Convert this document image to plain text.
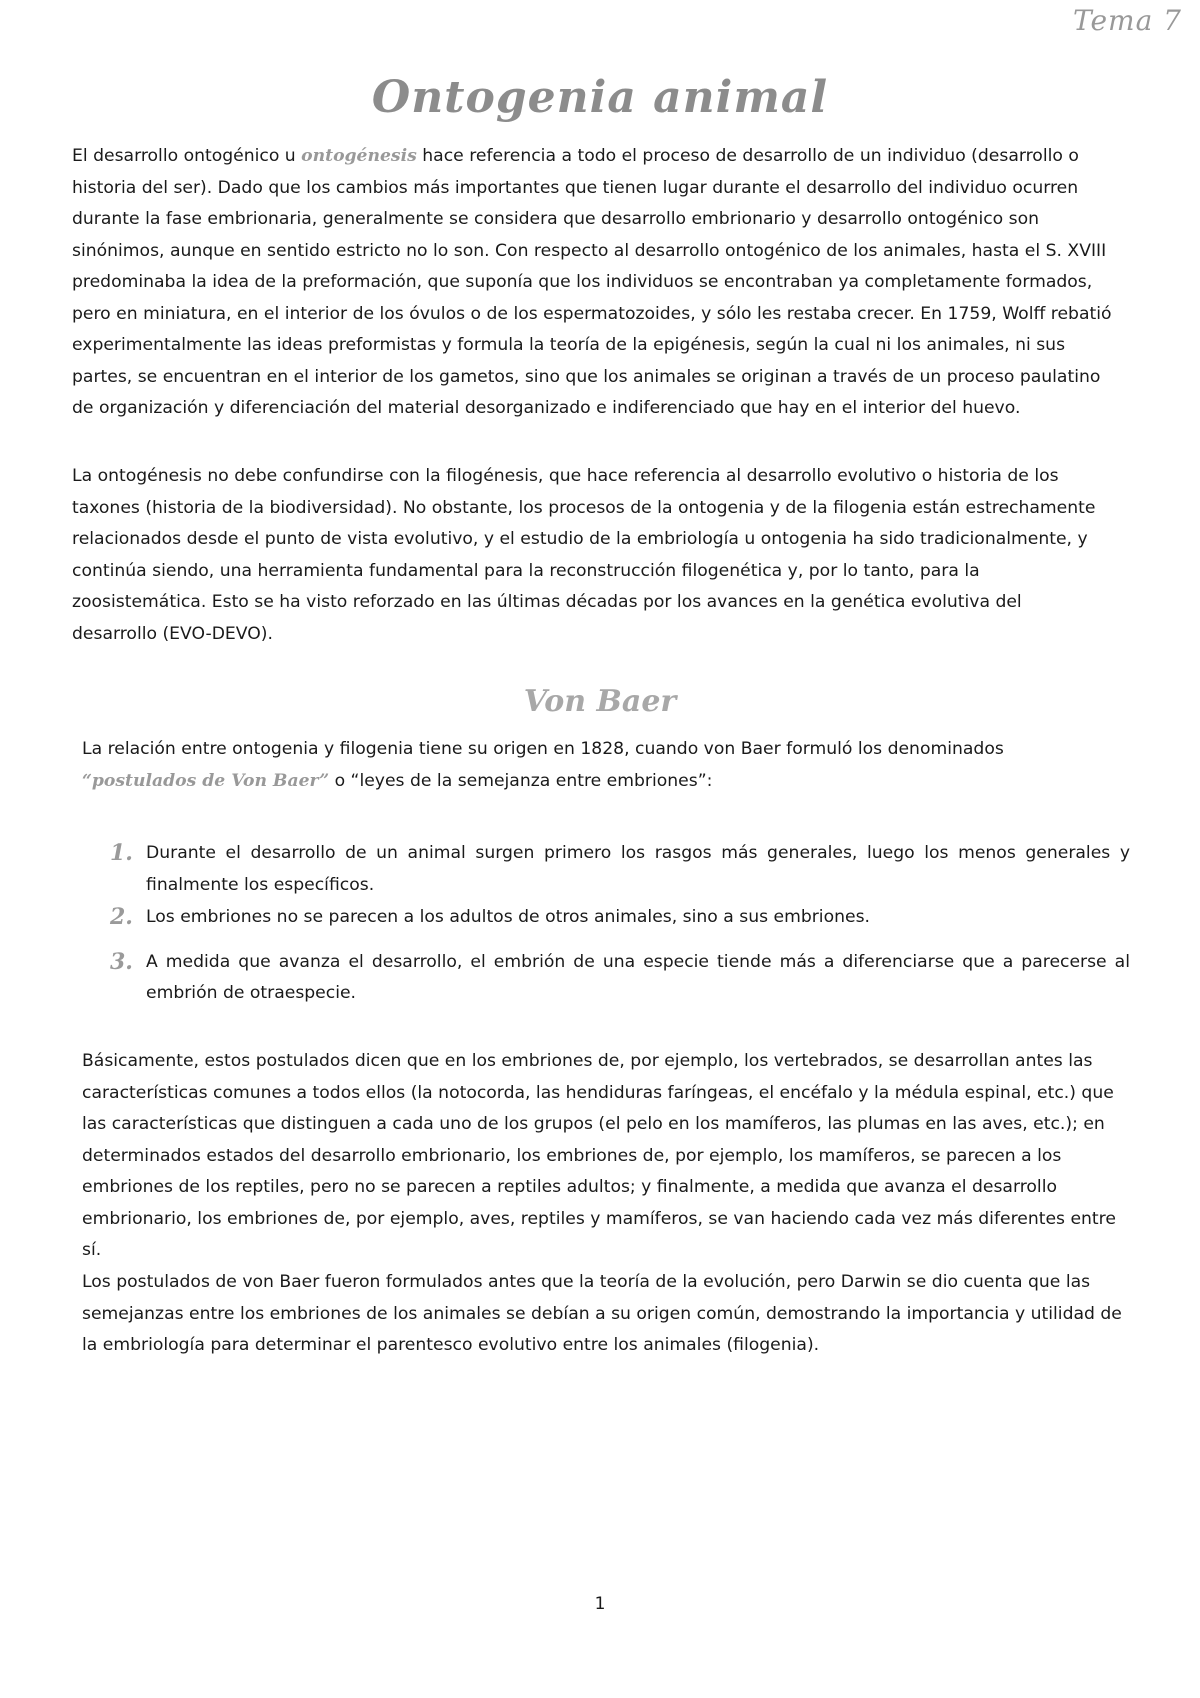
Tema 7
Ontogenia animal
El desarrollo ontogénico u ontogénesis hace referencia a todo el proceso de desarrollo de un individuo (desarrollo o historia del ser). Dado que los cambios más importantes que tienen lugar durante el desarrollo del individuo ocurren durante la fase embrionaria, generalmente se considera que desarrollo embrionario y desarrollo ontogénico son sinónimos, aunque en sentido estricto no lo son. Con respecto al desarrollo ontogénico de los animales, hasta el S. XVIII predominaba la idea de la preformación, que suponía que los individuos se encontraban ya completamente formados, pero en miniatura, en el interior de los óvulos o de los espermatozoides, y sólo les restaba crecer. En 1759, Wolff rebatió experimentalmente las ideas preformistas y formula la teoría de la epigénesis, según la cual ni los animales, ni sus partes, se encuentran en el interior de los gametos, sino que los animales se originan a través de un proceso paulatino de organización y diferenciación del material desorganizado e indiferenciado que hay en el interior del huevo.
La ontogénesis no debe confundirse con la filogénesis, que hace referencia al desarrollo evolutivo o historia de los taxones (historia de la biodiversidad). No obstante, los procesos de la ontogenia y de la filogenia están estrechamente relacionados desde el punto de vista evolutivo, y el estudio de la embriología u ontogenia ha sido tradicionalmente, y continúa siendo, una herramienta fundamental para la reconstrucción filogenética y, por lo tanto, para la zoosistemática. Esto se ha visto reforzado en las últimas décadas por los avances en la genética evolutiva del desarrollo (EVO-DEVO).
Von Baer
La relación entre ontogenia y filogenia tiene su origen en 1828, cuando von Baer formuló los denominados “postulados de Von Baer” o “leyes de la semejanza entre embriones”:
1. Durante el desarrollo de un animal surgen primero los rasgos más generales, luego los menos generales y finalmente los específicos.
2. Los embriones no se parecen a los adultos de otros animales, sino a sus embriones.
3. A medida que avanza el desarrollo, el embrión de una especie tiende más a diferenciarse que a parecerse al embrión de otraespecie.
Básicamente, estos postulados dicen que en los embriones de, por ejemplo, los vertebrados, se desarrollan antes las características comunes a todos ellos (la notocorda, las hendiduras faríngeas, el encéfalo y la médula espinal, etc.) que las características que distinguen a cada uno de los grupos (el pelo en los mamíferos, las plumas en las aves, etc.); en determinados estados del desarrollo embrionario, los embriones de, por ejemplo, los mamíferos, se parecen a los embriones de los reptiles, pero no se parecen a reptiles adultos; y finalmente, a medida que avanza el desarrollo embrionario, los embriones de, por ejemplo, aves, reptiles y mamíferos, se van haciendo cada vez más diferentes entre sí.
Los postulados de von Baer fueron formulados antes que la teoría de la evolución, pero Darwin se dio cuenta que las semejanzas entre los embriones de los animales se debían a su origen común, demostrando la importancia y utilidad de la embriología para determinar el parentesco evolutivo entre los animales (filogenia).
1
